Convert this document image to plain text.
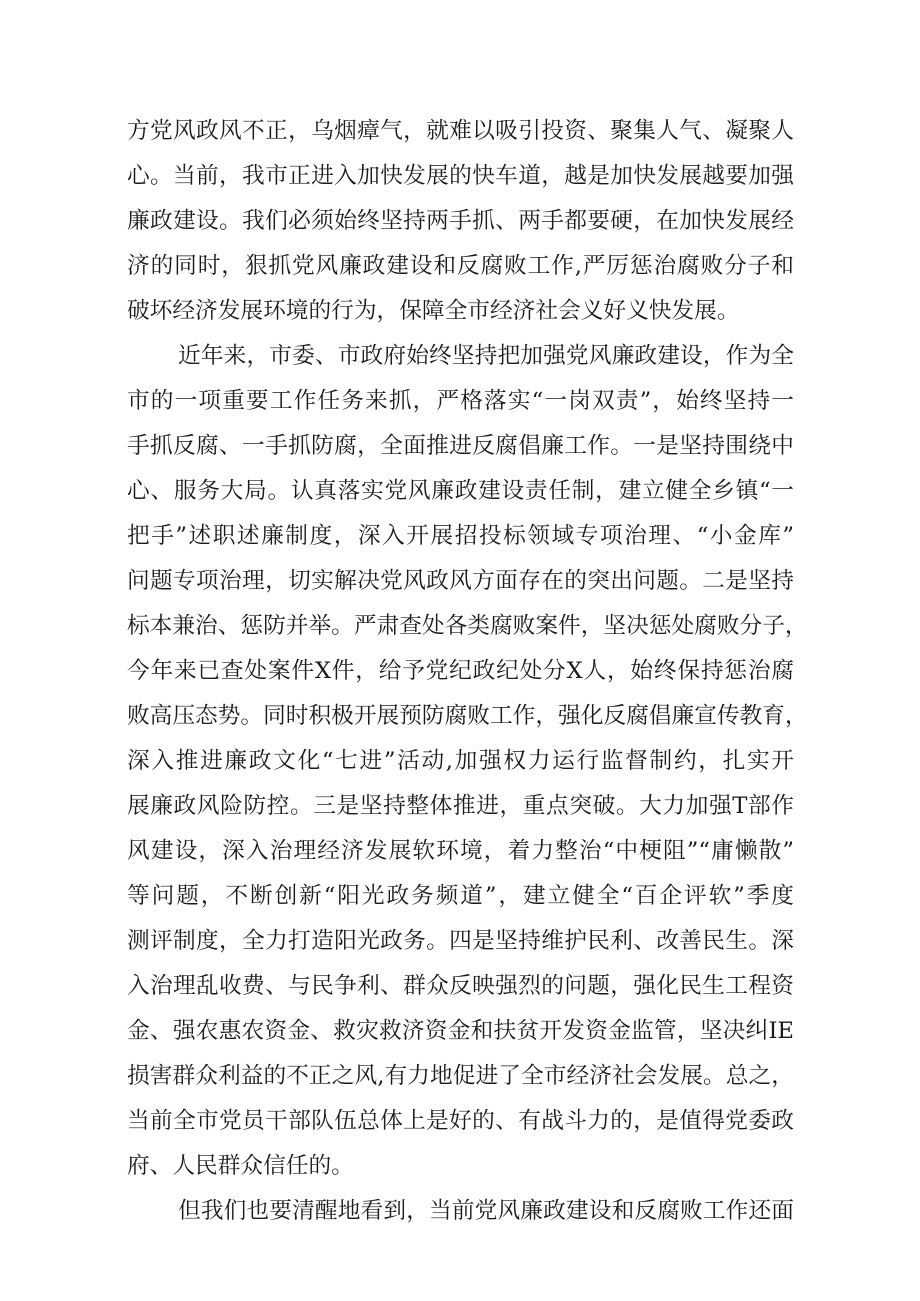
方党风政风不正，乌烟瘴气，就难以吸引投资、聚集人气、凝聚人
心。当前，我市正进入加快发展的快车道，越是加快发展越要加强
廉政建设。我们必须始终坚持两手抓、两手都要硬，在加快发展经
济的同时，狠抓党风廉政建设和反腐败工作,严厉惩治腐败分子和
破坏经济发展环境的行为，保障全市经济社会义好义快发展。
近年来，市委、市政府始终坚持把加强党风廉政建设，作为全
市的一项重要工作任务来抓，严格落实“一岗双责”，始终坚持一
手抓反腐、一手抓防腐，全面推进反腐倡廉工作。一是坚持围绕中
心、服务大局。认真落实党风廉政建设责任制，建立健全乡镇“一
把手”述职述廉制度，深入开展招投标领域专项治理、“小金库”
问题专项治理，切实解决党风政风方面存在的突出问题。二是坚持
标本兼治、惩防并举。严肃查处各类腐败案件，坚决惩处腐败分子，
今年来已查处案件X件，给予党纪政纪处分X人，始终保持惩治腐
败高压态势。同时积极开展预防腐败工作，强化反腐倡廉宣传教育，
深入推进廉政文化“七进”活动,加强权力运行监督制约，扎实开
展廉政风险防控。三是坚持整体推进，重点突破。大力加强T部作
风建设，深入治理经济发展软环境，着力整治“中梗阻”“庸懒散”
等问题，不断创新“阳光政务频道”，建立健全“百企评软”季度
测评制度，全力打造阳光政务。四是坚持维护民利、改善民生。深
入治理乱收费、与民争利、群众反映强烈的问题，强化民生工程资
金、强农惠农资金、救灾救济资金和扶贫开发资金监管，坚决纠IE
损害群众利益的不正之风,有力地促进了全市经济社会发展。总之，
当前全市党员干部队伍总体上是好的、有战斗力的，是值得党委政
府、人民群众信任的。
但我们也要清醒地看到，当前党风廉政建设和反腐败工作还面
